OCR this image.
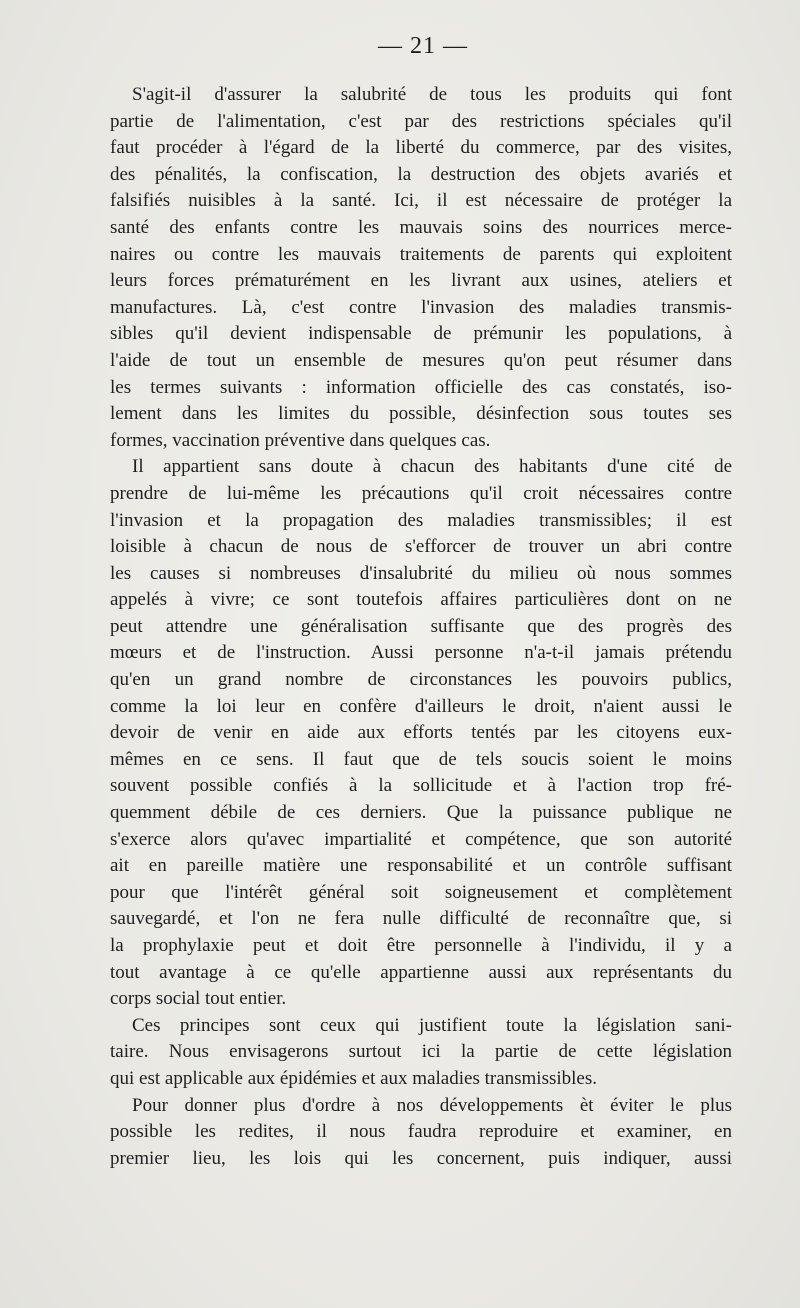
— 21 —
S'agit-il d'assurer la salubrité de tous les produits qui font
partie de l'alimentation, c'est par des restrictions spéciales qu'il
faut procéder à l'égard de la liberté du commerce, par des visites,
des pénalités, la confiscation, la destruction des objets avariés et
falsifiés nuisibles à la santé. Ici, il est nécessaire de protéger la
santé des enfants contre les mauvais soins des nourrices merce-
naires ou contre les mauvais traitements de parents qui exploitent
leurs forces prématurément en les livrant aux usines, ateliers et
manufactures. Là, c'est contre l'invasion des maladies transmis-
sibles qu'il devient indispensable de prémunir les populations, à
l'aide de tout un ensemble de mesures qu'on peut résumer dans
les termes suivants : information officielle des cas constatés, iso-
lement dans les limites du possible, désinfection sous toutes ses
formes, vaccination préventive dans quelques cas.
Il appartient sans doute à chacun des habitants d'une cité de
prendre de lui-même les précautions qu'il croit nécessaires contre
l'invasion et la propagation des maladies transmissibles; il est
loisible à chacun de nous de s'efforcer de trouver un abri contre
les causes si nombreuses d'insalubrité du milieu où nous sommes
appelés à vivre; ce sont toutefois affaires particulières dont on ne
peut attendre une généralisation suffisante que des progrès des
mœurs et de l'instruction. Aussi personne n'a-t-il jamais prétendu
qu'en un grand nombre de circonstances les pouvoirs publics,
comme la loi leur en confère d'ailleurs le droit, n'aient aussi le
devoir de venir en aide aux efforts tentés par les citoyens eux-
mêmes en ce sens. Il faut que de tels soucis soient le moins
souvent possible confiés à la sollicitude et à l'action trop fré-
quemment débile de ces derniers. Que la puissance publique ne
s'exerce alors qu'avec impartialité et compétence, que son autorité
ait en pareille matière une responsabilité et un contrôle suffisant
pour que l'intérêt général soit soigneusement et complètement
sauvegardé, et l'on ne fera nulle difficulté de reconnaître que, si
la prophylaxie peut et doit être personnelle à l'individu, il y a
tout avantage à ce qu'elle appartienne aussi aux représentants du
corps social tout entier.
Ces principes sont ceux qui justifient toute la législation sani-
taire. Nous envisagerons surtout ici la partie de cette législation
qui est applicable aux épidémies et aux maladies transmissibles.
Pour donner plus d'ordre à nos développements èt éviter le plus
possible les redites, il nous faudra reproduire et examiner, en
premier lieu, les lois qui les concernent, puis indiquer, aussi
